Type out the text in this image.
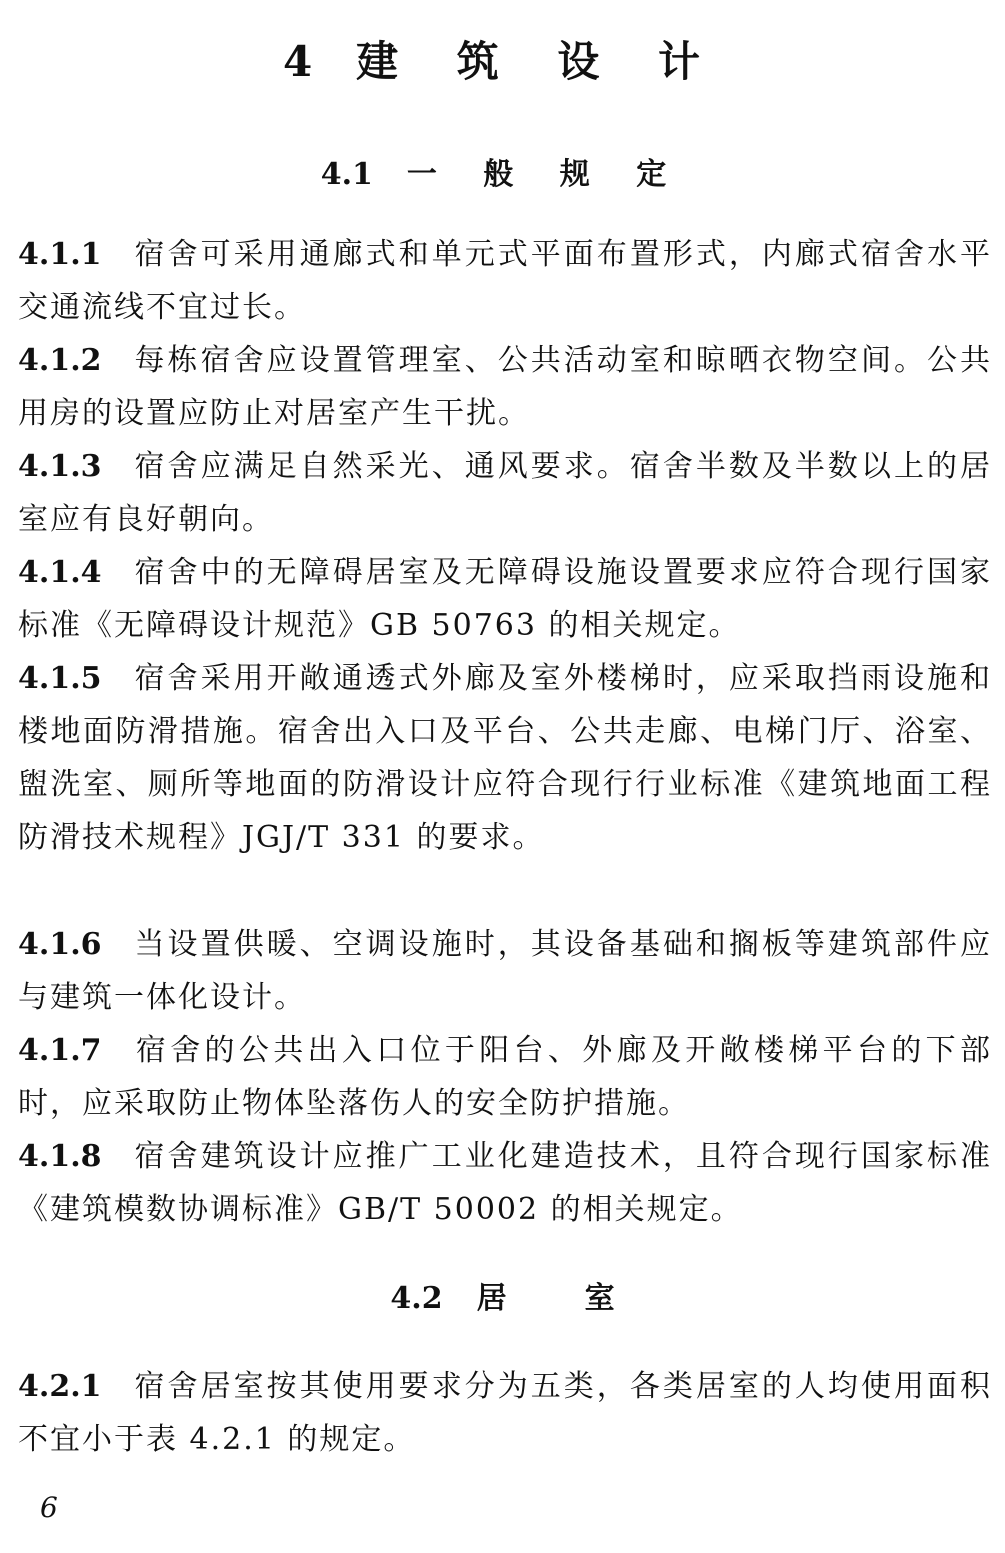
4 建 筑 设 计
4.1 一 般 规 定
4.1.1 宿舍可采用通廊式和单元式平面布置形式，内廊式宿舍水平交通流线不宜过长。
4.1.2 每栋宿舍应设置管理室、公共活动室和晾晒衣物空间。公共用房的设置应防止对居室产生干扰。
4.1.3 宿舍应满足自然采光、通风要求。宿舍半数及半数以上的居室应有良好朝向。
4.1.4 宿舍中的无障碍居室及无障碍设施设置要求应符合现行国家标准《无障碍设计规范》GB 50763 的相关规定。
4.1.5 宿舍采用开敞通透式外廊及室外楼梯时，应采取挡雨设施和楼地面防滑措施。宿舍出入口及平台、公共走廊、电梯门厅、浴室、盥洗室、厕所等地面的防滑设计应符合现行行业标准《建筑地面工程防滑技术规程》JGJ/T 331 的要求。
4.1.6 当设置供暖、空调设施时，其设备基础和搁板等建筑部件应与建筑一体化设计。
4.1.7 宿舍的公共出入口位于阳台、外廊及开敞楼梯平台的下部时，应采取防止物体坠落伤人的安全防护措施。
4.1.8 宿舍建筑设计应推广工业化建造技术，且符合现行国家标准《建筑模数协调标准》GB/T 50002 的相关规定。
4.2 居	室
4.2.1 宿舍居室按其使用要求分为五类，各类居室的人均使用面积不宜小于表 4.2.1 的规定。
6
